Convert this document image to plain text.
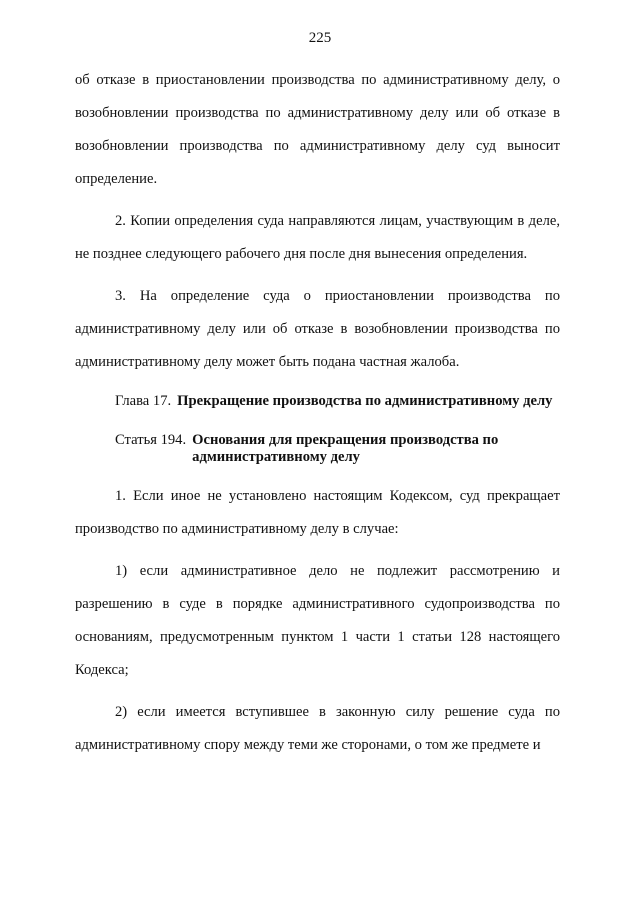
225

об отказе в приостановлении производства по административному делу, о возобновлении производства по административному делу или об отказе в возобновлении производства по административному делу суд выносит определение.

2. Копии определения суда направляются лицам, участвующим в деле, не позднее следующего рабочего дня после дня вынесения определения.

3. На определение суда о приостановлении производства по административному делу или об отказе в возобновлении производства по административному делу может быть подана частная жалоба.

Глава 17. Прекращение производства по административному делу
Статья 194. Основания для прекращения производства по административному делу

1. Если иное не установлено настоящим Кодексом, суд прекращает производство по административному делу в случае:

1) если административное дело не подлежит рассмотрению и разрешению в суде в порядке административного судопроизводства по основаниям, предусмотренным пунктом 1 части 1 статьи 128 настоящего Кодекса;

2) если имеется вступившее в законную силу решение суда по административному спору между теми же сторонами, о том же предмете и
